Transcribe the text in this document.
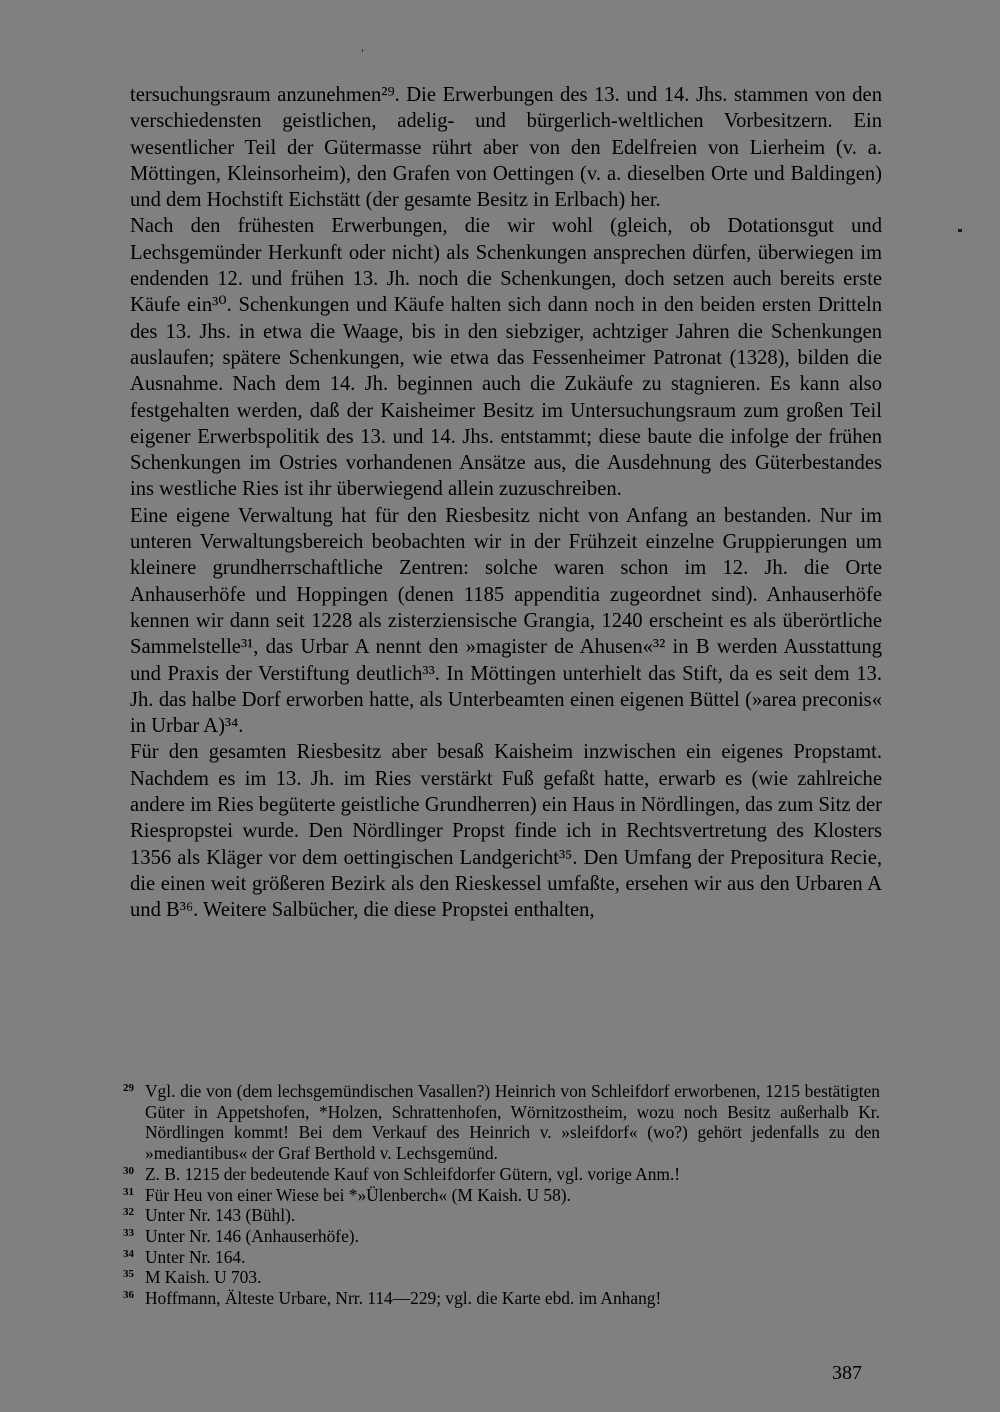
tersuchungsraum anzunehmen²⁹. Die Erwerbungen des 13. und 14. Jhs. stammen von den verschiedensten geistlichen, adelig- und bürgerlich-weltlichen Vorbesitzern. Ein wesentlicher Teil der Gütermasse rührt aber von den Edelfreien von Lierheim (v. a. Möttingen, Kleinsorheim), den Grafen von Oettingen (v. a. dieselben Orte und Baldingen) und dem Hochstift Eichstätt (der gesamte Besitz in Erlbach) her.

Nach den frühesten Erwerbungen, die wir wohl (gleich, ob Dotationsgut und Lechsgemünder Herkunft oder nicht) als Schenkungen ansprechen dürfen, überwiegen im endenden 12. und frühen 13. Jh. noch die Schenkungen, doch setzen auch bereits erste Käufe ein³⁰. Schenkungen und Käufe halten sich dann noch in den beiden ersten Dritteln des 13. Jhs. in etwa die Waage, bis in den siebziger, achtziger Jahren die Schenkungen auslaufen; spätere Schenkungen, wie etwa das Fessenheimer Patronat (1328), bilden die Ausnahme. Nach dem 14. Jh. beginnen auch die Zukäufe zu stagnieren. Es kann also festgehalten werden, daß der Kaisheimer Besitz im Untersuchungsraum zum großen Teil eigener Erwerbspolitik des 13. und 14. Jhs. entstammt; diese baute die infolge der frühen Schenkungen im Ostries vorhandenen Ansätze aus, die Ausdehnung des Güterbestandes ins westliche Ries ist ihr überwiegend allein zuzuschreiben.

Eine eigene Verwaltung hat für den Riesbesitz nicht von Anfang an bestanden. Nur im unteren Verwaltungsbereich beobachten wir in der Frühzeit einzelne Gruppierungen um kleinere grundherrschaftliche Zentren: solche waren schon im 12. Jh. die Orte Anhauserhöfe und Hoppingen (denen 1185 appenditia zugeordnet sind). Anhauserhöfe kennen wir dann seit 1228 als zisterziensische Grangia, 1240 erscheint es als überörtliche Sammelstelle³¹, das Urbar A nennt den »magister de Ahusen«³² in B werden Ausstattung und Praxis der Verstiftung deutlich³³. In Möttingen unterhielt das Stift, da es seit dem 13. Jh. das halbe Dorf erworben hatte, als Unterbeamten einen eigenen Büttel (»area preconis« in Urbar A)³⁴.

Für den gesamten Riesbesitz aber besaß Kaisheim inzwischen ein eigenes Propstamt. Nachdem es im 13. Jh. im Ries verstärkt Fuß gefaßt hatte, erwarb es (wie zahlreiche andere im Ries begüterte geistliche Grundherren) ein Haus in Nördlingen, das zum Sitz der Riespropstei wurde. Den Nördlinger Propst finde ich in Rechtsvertretung des Klosters 1356 als Kläger vor dem oettingischen Landgericht³⁵. Den Umfang der Prepositura Recie, die einen weit größeren Bezirk als den Rieskessel umfaßte, ersehen wir aus den Urbaren A und B³⁶. Weitere Salbücher, die diese Propstei enthalten,

29 Vgl. die von (dem lechsgemündischen Vasallen?) Heinrich von Schleifdorf erworbenen, 1215 bestätigten Güter in Appetshofen, *Holzen, Schrattenhofen, Wörnitzostheim, wozu noch Besitz außerhalb Kr. Nördlingen kommt! Bei dem Verkauf des Heinrich v. »sleifdorf« (wo?) gehört jedenfalls zu den »mediantibus« der Graf Berthold v. Lechsgemünd.

30 Z. B. 1215 der bedeutende Kauf von Schleifdorfer Gütern, vgl. vorige Anm.!

31 Für Heu von einer Wiese bei *»Ülenberch« (M Kaish. U 58).

32 Unter Nr. 143 (Bühl).

33 Unter Nr. 146 (Anhauserhöfe).

34 Unter Nr. 164.

35 M Kaish. U 703.

36 Hoffmann, Älteste Urbare, Nrr. 114—229; vgl. die Karte ebd. im Anhang!

387
